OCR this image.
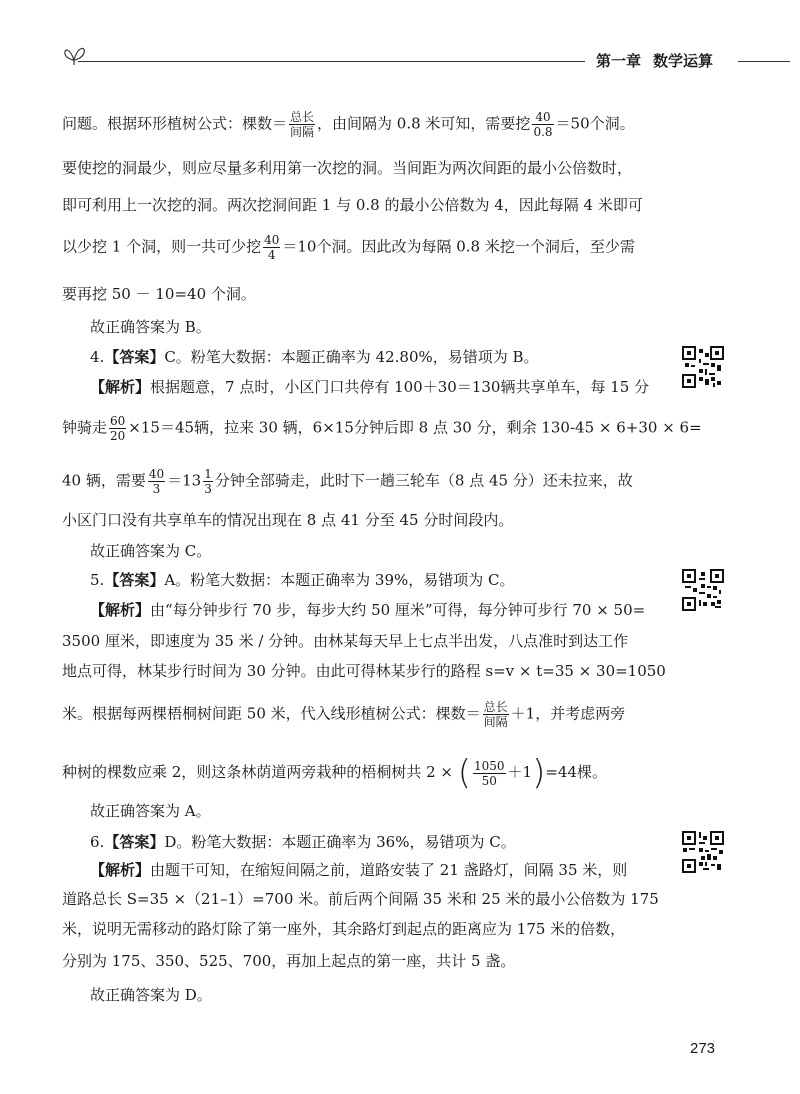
第一章 数学运算
问题。根据环形植树公式：棵数＝ $\frac{\text{总长}}{\text{间隔}}$ ，由间隔为 0.8 米可知，需要挖 $\frac{40}{0.8} =50$个洞。
要使挖的洞最少，则应尽量多利用第一次挖的洞。当间距为两次间距的最小公倍数时，
即可利用上一次挖的洞。两次挖洞间距 1 与 0.8 的最小公倍数为 4，因此每隔 4 米即可
以少挖 1 个洞，则一共可少挖 $\frac{40}{4} =10$个洞。因此改为每隔 0.8 米挖一个洞后，至少需
要再挖 50 － 10=40 个洞。
故正确答案为 B。
4.【答案】C。粉笔大数据：本题正确率为 42.80%，易错项为 B。
【解析】根据题意，7 点时，小区门口共停有 100＋30＝130辆共享单车，每 15 分
钟骑走 $\frac{60}{20} \times 15=45$辆，拉来 30 辆，6×15分钟后即 8 点 30 分，剩余 130-45 × 6+30 × 6=
40 辆，需要 $\frac{40}{3} =13 \frac{1}{3}$ 分钟全部骑走，此时下一趟三轮车（8 点 45 分）还未拉来，故
小区门口没有共享单车的情况出现在 8 点 41 分至 45 分时间段内。
故正确答案为 C。
5.【答案】A。粉笔大数据：本题正确率为 39%，易错项为 C。
【解析】由“每分钟步行 70 步，每步大约 50 厘米”可得，每分钟可步行 70 × 50=
3500 厘米，即速度为 35 米 / 分钟。由林某每天早上七点半出发，八点准时到达工作
地点可得，林某步行时间为 30 分钟。由此可得林某步行的路程 s=v × t=35 × 30=1050
米。根据每两棵梧桐树间距 50 米，代入线形植树公式：棵数＝ $\frac{\text{总长}}{\text{间隔}} +1$，并考虑两旁
种树的棵数应乘 2，则这条林荫道两旁栽种的梧桐树共 2 × ( $\frac{1050}{50} +1)=44$棵。
故正确答案为 A。
6.【答案】D。粉笔大数据：本题正确率为 36%，易错项为 C。
【解析】由题干可知，在缩短间隔之前，道路安装了 21 盏路灯，间隔 35 米，则
道路总长 S=35 ×（21–1）=700 米。前后两个间隔 35 米和 25 米的最小公倍数为 175
米，说明无需移动的路灯除了第一座外，其余路灯到起点的距离应为 175 米的倍数，
分别为 175、350、525、700，再加上起点的第一座，共计 5 盏。
故正确答案为 D。
273
